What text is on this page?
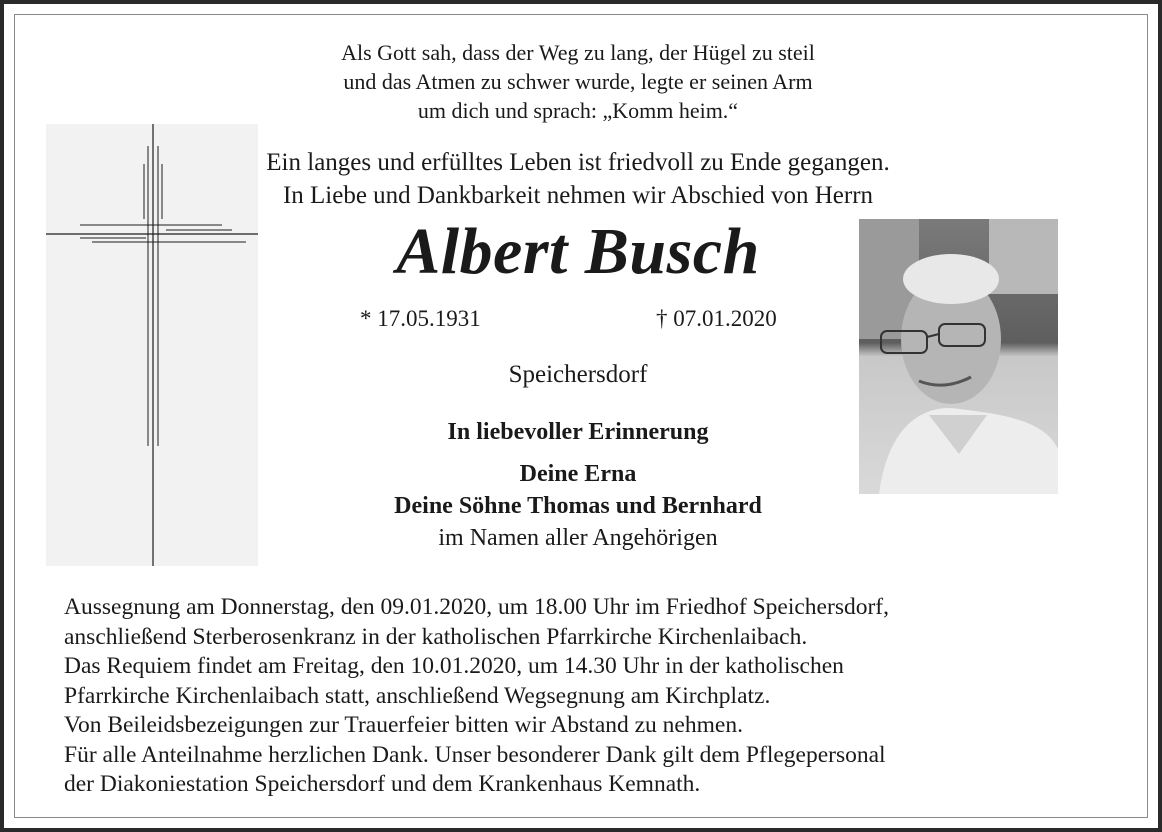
Als Gott sah, dass der Weg zu lang, der Hügel zu steil
und das Atmen zu schwer wurde, legte er seinen Arm
um dich und sprach: „Komm heim.“
Ein langes und erfülltes Leben ist friedvoll zu Ende gegangen.
In Liebe und Dankbarkeit nehmen wir Abschied von Herrn
Albert Busch
* 17.05.1931	† 07.01.2020
Speichersdorf
In liebevoller Erinnerung
Deine Erna
Deine Söhne Thomas und Bernhard
im Namen aller Angehörigen

Aussegnung am Donnerstag, den 09.01.2020, um 18.00 Uhr im Friedhof Speichersdorf,

anschließend Sterberosenkranz in der katholischen Pfarrkirche Kirchenlaibach.

Das Requiem findet am Freitag, den 10.01.2020, um 14.30 Uhr in der katholischen

Pfarrkirche Kirchenlaibach statt, anschließend Wegsegnung am Kirchplatz.

Von Beileidsbezeigungen zur Trauerfeier bitten wir Abstand zu nehmen.

Für alle Anteilnahme herzlichen Dank. Unser besonderer Dank gilt dem Pflegepersonal

der Diakoniestation Speichersdorf und dem Krankenhaus Kemnath.
